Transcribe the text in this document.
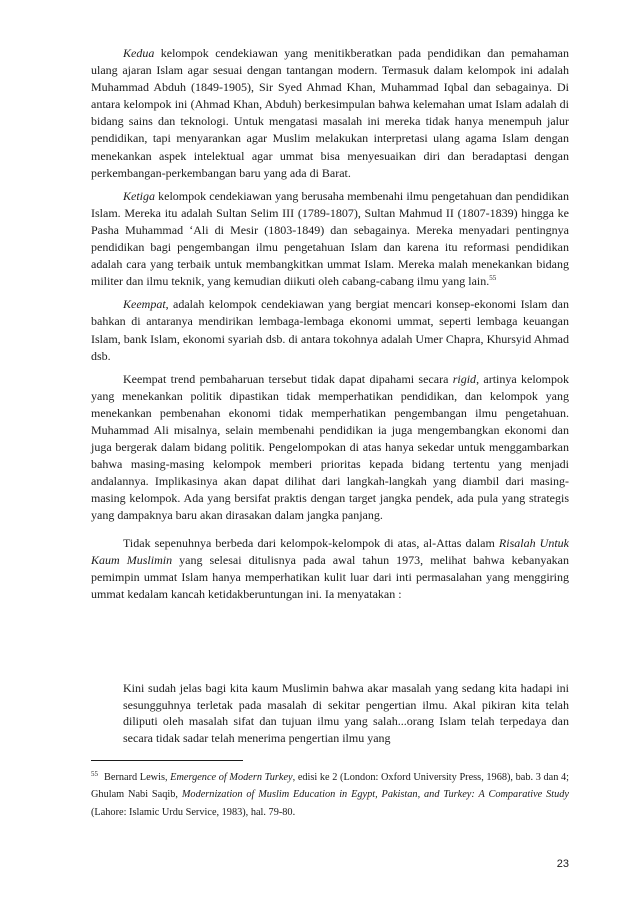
Kedua kelompok cendekiawan yang menitikberatkan pada pendidikan dan pemahaman ulang ajaran Islam agar sesuai dengan tantangan modern. Termasuk dalam kelompok ini adalah Muhammad Abduh (1849-1905), Sir Syed Ahmad Khan, Muhammad Iqbal dan sebagainya. Di antara kelompok ini (Ahmad Khan, Abduh) berkesimpulan bahwa kelemahan umat Islam adalah di bidang sains dan teknologi. Untuk mengatasi masalah ini mereka tidak hanya menempuh jalur pendidikan, tapi menyarankan agar Muslim melakukan interpretasi ulang agama Islam dengan menekankan aspek intelektual agar ummat bisa menyesuaikan diri dan beradaptasi dengan perkembangan-perkembangan baru yang ada di Barat.

Ketiga kelompok cendekiawan yang berusaha membenahi ilmu pengetahuan dan pendidikan Islam. Mereka itu adalah Sultan Selim III (1789-1807), Sultan Mahmud II (1807-1839) hingga ke Pasha Muhammad ‘Ali di Mesir (1803-1849) dan sebagainya. Mereka menyadari pentingnya pendidikan bagi pengembangan ilmu pengetahuan Islam dan karena itu reformasi pendidikan adalah cara yang terbaik untuk membangkitkan ummat Islam. Mereka malah menekankan bidang militer dan ilmu teknik, yang kemudian diikuti oleh cabang-cabang ilmu yang lain.$^{55}$

Keempat, adalah kelompok cendekiawan yang bergiat mencari konsep-ekonomi Islam dan bahkan di antaranya mendirikan lembaga-lembaga ekonomi ummat, seperti lembaga keuangan Islam, bank Islam, ekonomi syariah dsb. di antara tokohnya adalah Umer Chapra, Khursyid Ahmad dsb.

Keempat trend pembaharuan tersebut tidak dapat dipahami secara rigid, artinya kelompok yang menekankan politik dipastikan tidak memperhatikan pendidikan, dan kelompok yang menekankan pembenahan ekonomi tidak memperhatikan pengembangan ilmu pengetahuan. Muhammad Ali misalnya, selain membenahi pendidikan ia juga mengembangkan ekonomi dan juga bergerak dalam bidang politik. Pengelompokan di atas hanya sekedar untuk menggambarkan bahwa masing-masing kelompok memberi prioritas kepada bidang tertentu yang menjadi andalannya. Implikasinya akan dapat dilihat dari langkah-langkah yang diambil dari masing-masing kelompok. Ada yang bersifat praktis dengan target jangka pendek, ada pula yang strategis yang dampaknya baru akan dirasakan dalam jangka panjang.

Tidak sepenuhnya berbeda dari kelompok-kelompok di atas, al-Attas dalam Risalah Untuk Kaum Muslimin yang selesai ditulisnya pada awal tahun 1973, melihat bahwa kebanyakan pemimpin ummat Islam hanya memperhatikan kulit luar dari inti permasalahan yang menggiring ummat kedalam kancah ketidakberuntungan ini. Ia menyatakan :

Kini sudah jelas bagi kita kaum Muslimin bahwa akar masalah yang sedang kita hadapi ini sesungguhnya terletak pada masalah di sekitar pengertian ilmu. Akal pikiran kita telah diliputi oleh masalah sifat dan tujuan ilmu yang salah...orang Islam telah terpedaya dan secara tidak sadar telah menerima pengertian ilmu yang
$^{55}$ Bernard Lewis, Emergence of Modern Turkey, edisi ke 2 (London: Oxford University Press, 1968), bab. 3 dan 4; Ghulam Nabi Saqib, Modernization of Muslim Education in Egypt, Pakistan, and Turkey: A Comparative Study (Lahore: Islamic Urdu Service, 1983), hal. 79-80.
23
